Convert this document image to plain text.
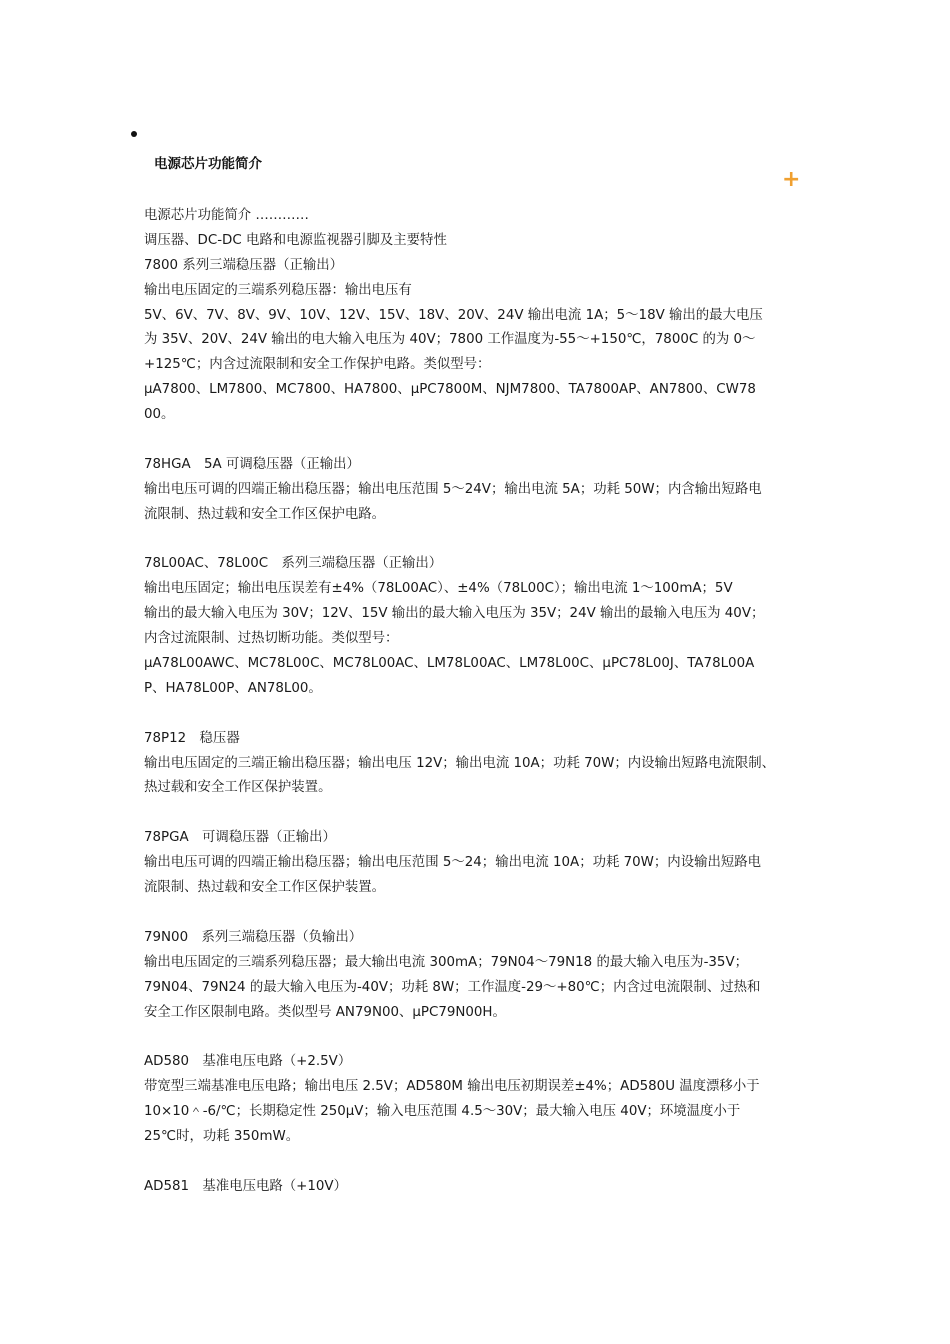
电源芯片功能简介
+
电源芯片功能简介 …………
调压器、DC-DC 电路和电源监视器引脚及主要特性
7800 系列三端稳压器（正输出）
输出电压固定的三端系列稳压器：输出电压有
5V、6V、7V、8V、9V、10V、12V、15V、18V、20V、24V 输出电流 1A；5～18V 输出的最大电压
为 35V、20V、24V 输出的电大输入电压为 40V；7800 工作温度为-55～+150℃，7800C 的为 0～
+125℃；内含过流限制和安全工作保护电路。类似型号：
μA7800、LM7800、MC7800、HA7800、μPC7800M、NJM7800、TA7800AP、AN7800、CW78
00。
78HGA　5A 可调稳压器（正输出）
输出电压可调的四端正输出稳压器；输出电压范围 5～24V；输出电流 5A；功耗 50W；内含输出短路电
流限制、热过载和安全工作区保护电路。
78L00AC、78L00C　系列三端稳压器（正输出）
输出电压固定；输出电压误差有±4%（78L00AC）、±4%（78L00C）；输出电流 1～100mA；5V
输出的最大输入电压为 30V；12V、15V 输出的最大输入电压为 35V；24V 输出的最输入电压为 40V；
内含过流限制、过热切断功能。类似型号：
μA78L00AWC、MC78L00C、MC78L00AC、LM78L00AC、LM78L00C、μPC78L00J、TA78L00A
P、HA78L00P、AN78L00。
78P12　稳压器
输出电压固定的三端正输出稳压器；输出电压 12V；输出电流 10A；功耗 70W；内设输出短路电流限制、
热过载和安全工作区保护装置。
78PGA　可调稳压器（正输出）
输出电压可调的四端正输出稳压器；输出电压范围 5～24；输出电流 10A；功耗 70W；内设输出短路电
流限制、热过载和安全工作区保护装置。
79N00　系列三端稳压器（负输出）
输出电压固定的三端系列稳压器；最大输出电流 300mA；79N04～79N18 的最大输入电压为-35V；
79N04、79N24 的最大输入电压为-40V；功耗 8W；工作温度-29～+80℃；内含过电流限制、过热和
安全工作区限制电路。类似型号 AN79N00、μPC79N00H。
AD580　基准电压电路（+2.5V）
带宽型三端基准电压电路；输出电压 2.5V；AD580M 输出电压初期误差±4%；AD580U 温度漂移小于
10×10＾-6/℃；长期稳定性 250μV；输入电压范围 4.5～30V；最大输入电压 40V；环境温度小于
25℃时，功耗 350mW。
AD581　基准电压电路（+10V）
